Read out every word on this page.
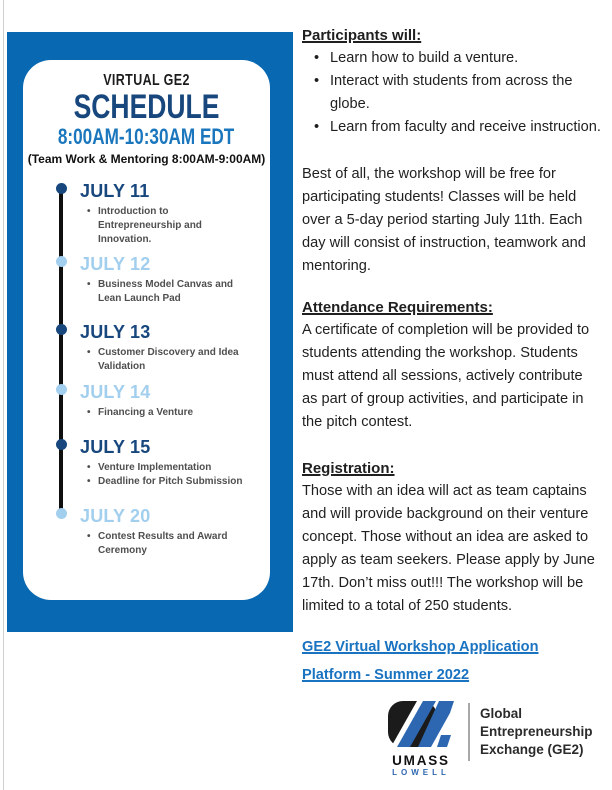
VIRTUAL GE2
SCHEDULE
8:00AM-10:30AM EDT
(Team Work & Mentoring 8:00AM-9:00AM)
JULY 11
• Introduction to
Entrepreneurship and
Innovation.
JULY 12
• Business Model Canvas and
Lean Launch Pad
JULY 13
• Customer Discovery and Idea
Validation
JULY 14
• Financing a Venture
JULY 15
• Venture Implementation
• Deadline for Pitch Submission
JULY 20
• Contest Results and Award
Ceremony
Participants will:
• Learn how to build a venture.
• Interact with students from across the
globe.
• Learn from faculty and receive instruction.
Best of all, the workshop will be free for
participating students! Classes will be held
over a 5-day period starting July 11th. Each
day will consist of instruction, teamwork and
mentoring.
Attendance Requirements:
A certificate of completion will be provided to
students attending the workshop. Students
must attend all sessions, actively contribute
as part of group activities, and participate in
the pitch contest.
Registration:
Those with an idea will act as team captains
and will provide background on their venture
concept. Those without an idea are asked to
apply as team seekers. Please apply by June
17th. Don’t miss out!!! The workshop will be
limited to a total of 250 students.
GE2 Virtual Workshop Application
Platform - Summer 2022
UMASS
LOWELL
Global
Entrepreneurship
Exchange (GE2)
